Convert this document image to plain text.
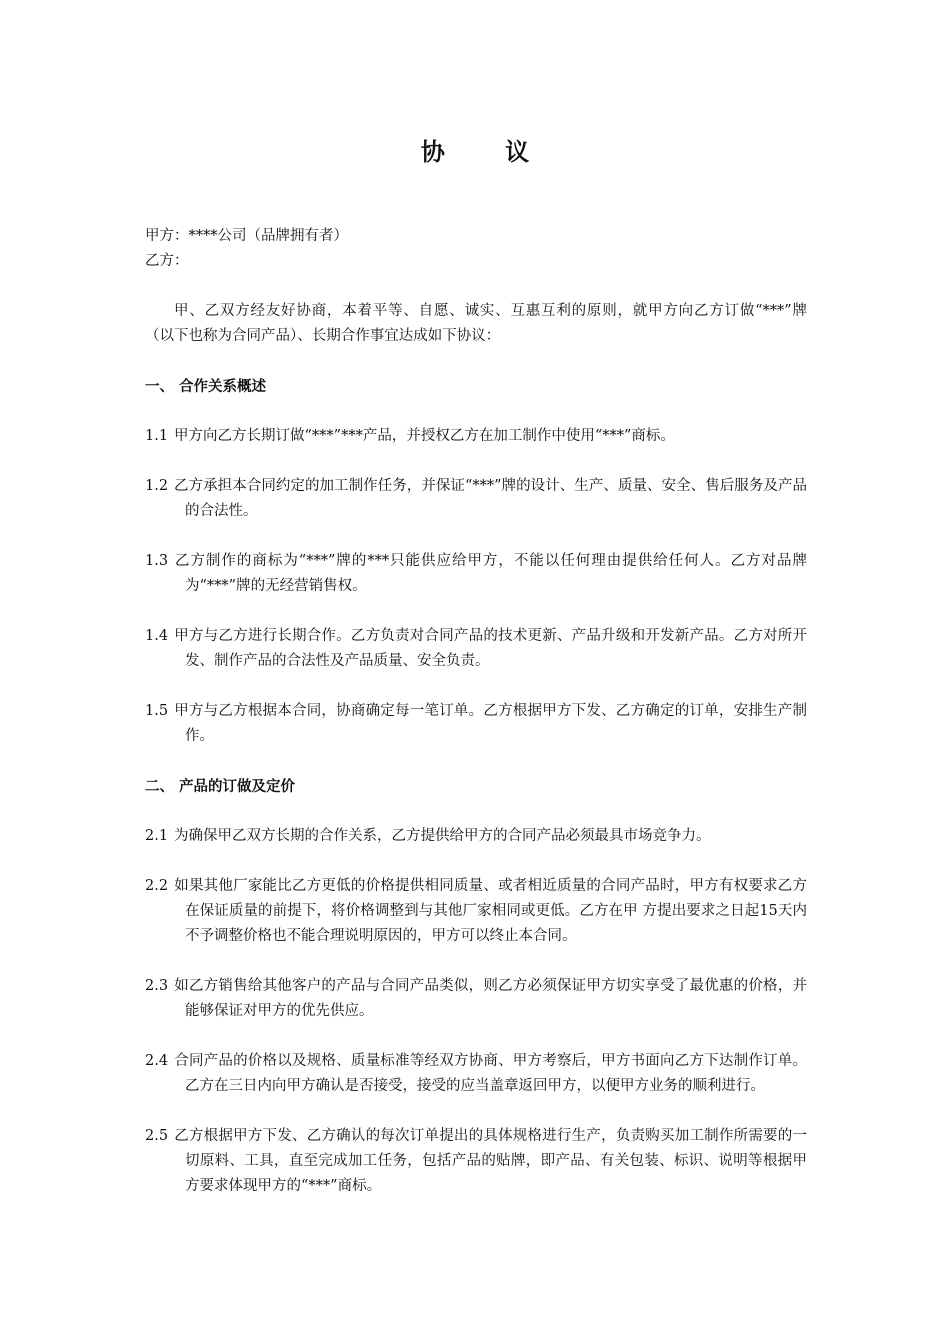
协 议

甲方：****公司（品牌拥有者）

乙方：

甲、乙双方经友好协商，本着平等、自愿、诚实、互惠互利的原则，就甲方向乙方订做“***”牌 （以下也称为合同产品）、长期合作事宜达成如下协议：

一、 合作关系概述

1.1 甲方向乙方长期订做“***”***产品，并授权乙方在加工制作中使用“***”商标。

1.2 乙方承担本合同约定的加工制作任务，并保证“***”牌的设计、生产、质量、安全、售后服务及产品的合法性。

1.3 乙方制作的商标为“***”牌的***只能供应给甲方，不能以任何理由提供给任何人。乙方对品牌为“***”牌的无经营销售权。

1.4 甲方与乙方进行长期合作。乙方负责对合同产品的技术更新、产品升级和开发新产品。乙方对所开发、制作产品的合法性及产品质量、安全负责。

1.5 甲方与乙方根据本合同，协商确定每一笔订单。乙方根据甲方下发、乙方确定的订单，安排生产制作。

二、 产品的订做及定价

2.1 为确保甲乙双方长期的合作关系，乙方提供给甲方的合同产品必须最具市场竞争力。

2.2 如果其他厂家能比乙方更低的价格提供相同质量、或者相近质量的合同产品时，甲方有权要求乙方在保证质量的前提下，将价格调整到与其他厂家相同或更低。乙方在甲 方提出要求之日起15天内不予调整价格也不能合理说明原因的，甲方可以终止本合同。

2.3 如乙方销售给其他客户的产品与合同产品类似，则乙方必须保证甲方切实享受了最优惠的价格，并能够保证对甲方的优先供应。

2.4 合同产品的价格以及规格、质量标准等经双方协商、甲方考察后，甲方书面向乙方下达制作订单。乙方在三日内向甲方确认是否接受，接受的应当盖章返回甲方，以便甲方业务的顺利进行。

2.5 乙方根据甲方下发、乙方确认的每次订单提出的具体规格进行生产，负责购买加工制作所需要的一切原料、工具，直至完成加工任务，包括产品的贴牌，即产品、有关包装、标识、说明等根据甲方要求体现甲方的“***”商标。
